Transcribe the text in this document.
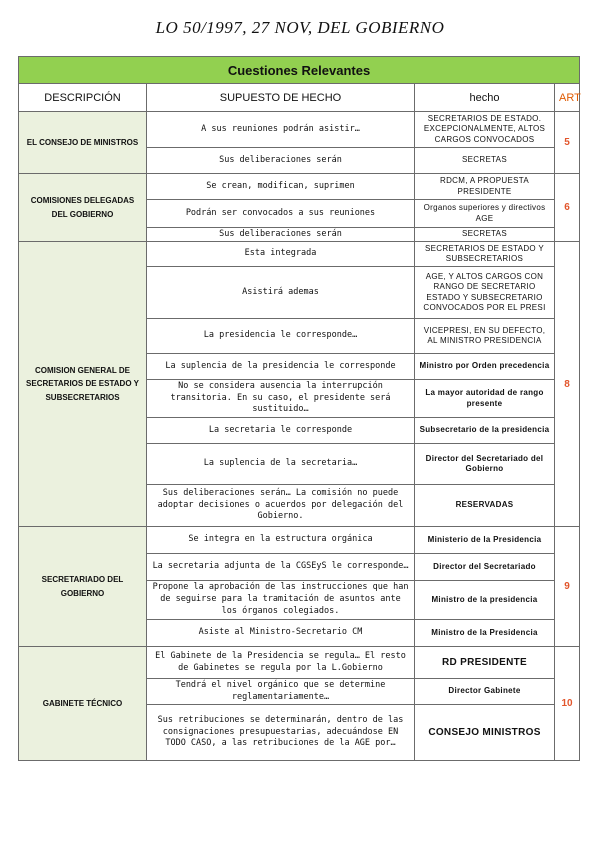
LO 50/1997, 27 NOV, DEL GOBIERNO
Cuestiones Relevantes			
DESCRIPCIÓN	SUPUESTO DE HECHO	hecho	ART
EL CONSEJO DE MINISTROS	A sus reuniones podrán asistir…	SECRETARIOS DE ESTADO. EXCEPCIONALMENTE, ALTOS CARGOS CONVOCADOS	5
	Sus deliberaciones serán	SECRETAS	
COMISIONES DELEGADAS DEL GOBIERNO	Se crean, modifican, suprimen	RDCM, A PROPUESTA PRESIDENTE	6
	Podrán ser convocados a sus reuniones	Organos superiores y directivos AGE	
	Sus deliberaciones serán	SECRETAS	
COMISION GENERAL DE SECRETARIOS DE ESTADO Y SUBSECRETARIOS	Esta integrada	SECRETARIOS DE ESTADO Y SUBSECRETARIOS	8
	Asistirá ademas	AGE, Y ALTOS CARGOS CON RANGO DE SECRETARIO ESTADO Y SUBSECRETARIO CONVOCADOS POR EL PRESI	
	La presidencia le corresponde…	VICEPRESI, EN SU DEFECTO, AL MINISTRO PRESIDENCIA	
	La suplencia de la presidencia le corresponde	Ministro por Orden precedencia	
	No se considera ausencia la interrupción transitoria. En su caso, el presidente será sustituido…	La mayor autoridad de rango presente	
	La secretaria le corresponde	Subsecretario de la presidencia	
	La suplencia de la secretaria…	Director del Secretariado del Gobierno	
	Sus deliberaciones serán… La comisión no puede adoptar decisiones o acuerdos por delegación del Gobierno.	RESERVADAS	
SECRETARIADO DEL GOBIERNO	Se integra en la estructura orgánica	Ministerio de la Presidencia	9
	La secretaria adjunta de la CGSEyS le corresponde…	Director del Secretariado	
	Propone la aprobación de las instrucciones que han de seguirse para la tramitación de asuntos ante los órganos colegiados.	Ministro de la presidencia	
	Asiste al Ministro-Secretario CM	Ministro de la Presidencia	
GABINETE TÉCNICO	El Gabinete de la Presidencia se regula… El resto de Gabinetes se regula por la L.Gobierno	RD PRESIDENTE	10
	Tendrá el nivel orgánico que se determine reglamentariamente…	Director Gabinete	
	Sus retribuciones se determinarán, dentro de las consignaciones presupuestarias, adecuándose EN TODO CASO, a las retribuciones de la AGE por…	CONSEJO MINISTROS	
